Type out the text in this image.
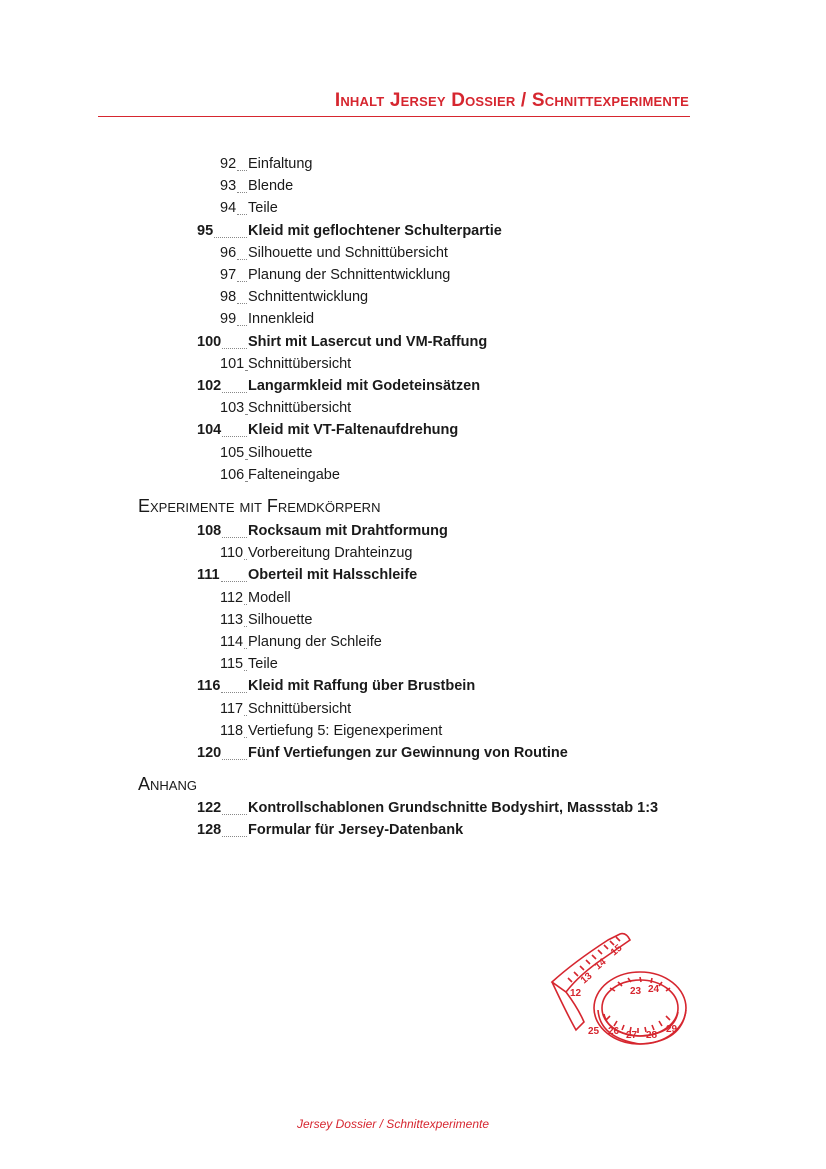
Inhalt Jersey Dossier / Schnittexperimente
92 Einfaltung
93 Blende
94 Teile
95 Kleid mit geflochtener Schulterpartie
96 Silhouette und Schnittübersicht
97 Planung der Schnittentwicklung
98 Schnittentwicklung
99 Innenkleid
100 Shirt mit Lasercut und VM-Raffung
101 Schnittübersicht
102 Langarmkleid mit Godeteinsätzen
103 Schnittübersicht
104 Kleid mit VT-Faltenaufdrehung
105 Silhouette
106 Falteneingabe
108 Rocksaum mit Drahtformung
110 Vorbereitung Drahteinzug
111 Oberteil mit Halsschleife
112 Modell
113 Silhouette
114 Planung der Schleife
115 Teile
116 Kleid mit Raffung über Brustbein
117 Schnittübersicht
118 Vertiefung 5: Eigenexperiment
120 Fünf Vertiefungen zur Gewinnung von Routine
122 Kontrollschablonen Grundschnitte Bodyshirt, Massstab 1:3
128 Formular für Jersey-Datenbank
Experimente mit Fremdkörpern
Anhang
12
13
14
15
23 24
25 26 27 28
29
Jersey Dossier / Schnittexperimente
